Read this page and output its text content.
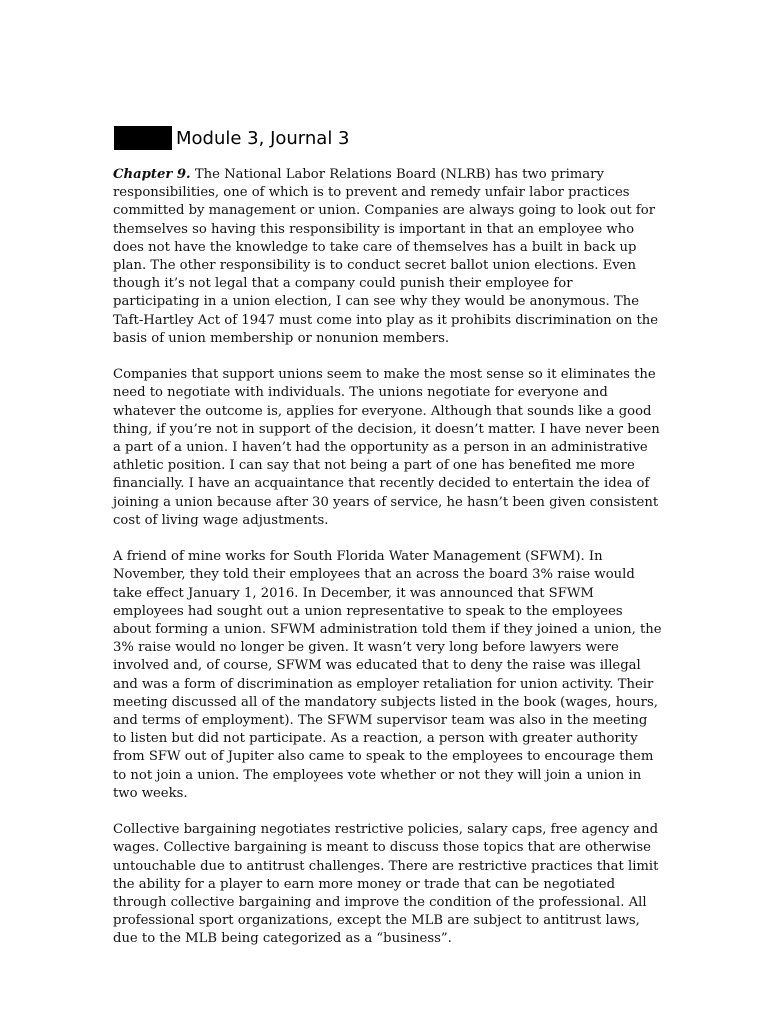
Module 3, Journal 3

Chapter 9. The National Labor Relations Board (NLRB) has two primary responsibilities, one of which is to prevent and remedy unfair labor practices committed by management or union. Companies are always going to look out for themselves so having this responsibility is important in that an employee who does not have the knowledge to take care of themselves has a built in back up plan. The other responsibility is to conduct secret ballot union elections. Even though it’s not legal that a company could punish their employee for participating in a union election, I can see why they would be anonymous. The Taft-Hartley Act of 1947 must come into play as it prohibits discrimination on the basis of union membership or nonunion members.

Companies that support unions seem to make the most sense so it eliminates the need to negotiate with individuals. The unions negotiate for everyone and whatever the outcome is, applies for everyone. Although that sounds like a good thing, if you’re not in support of the decision, it doesn’t matter. I have never been a part of a union. I haven’t had the opportunity as a person in an administrative athletic position. I can say that not being a part of one has benefited me more financially. I have an acquaintance that recently decided to entertain the idea of joining a union because after 30 years of service, he hasn’t been given consistent cost of living wage adjustments.

A friend of mine works for South Florida Water Management (SFWM). In November, they told their employees that an across the board 3% raise would take effect January 1, 2016. In December, it was announced that SFWM employees had sought out a union representative to speak to the employees about forming a union. SFWM administration told them if they joined a union, the 3% raise would no longer be given. It wasn’t very long before lawyers were involved and, of course, SFWM was educated that to deny the raise was illegal and was a form of discrimination as employer retaliation for union activity. Their meeting discussed all of the mandatory subjects listed in the book (wages, hours, and terms of employment). The SFWM supervisor team was also in the meeting to listen but did not participate. As a reaction, a person with greater authority from SFW out of Jupiter also came to speak to the employees to encourage them to not join a union. The employees vote whether or not they will join a union in two weeks.

Collective bargaining negotiates restrictive policies, salary caps, free agency and wages. Collective bargaining is meant to discuss those topics that are otherwise untouchable due to antitrust challenges. There are restrictive practices that limit the ability for a player to earn more money or trade that can be negotiated through collective bargaining and improve the condition of the professional. All professional sport organizations, except the MLB are subject to antitrust laws, due to the MLB being categorized as a “business”.
